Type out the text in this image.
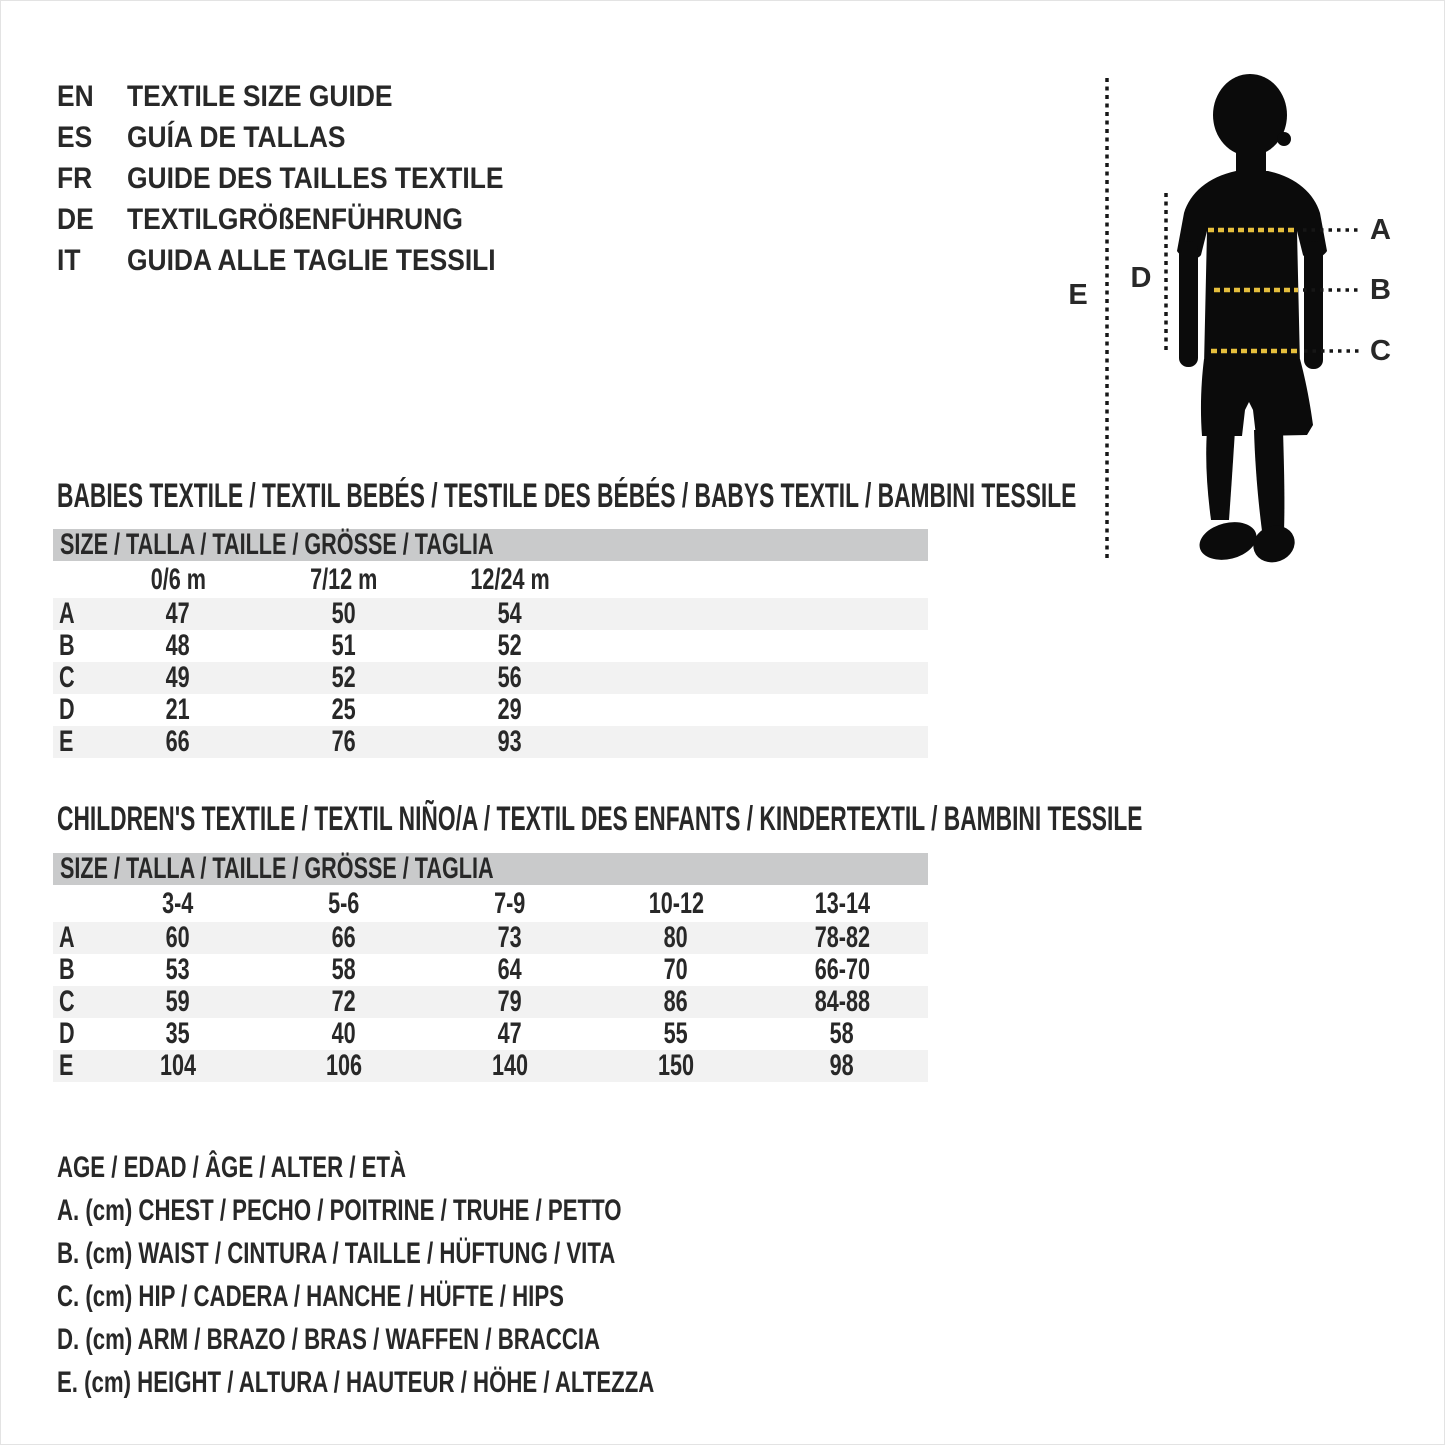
EN	TEXTILE SIZE GUIDE
ES	GUÍA DE TALLAS
FR	GUIDE DES TAILLES TEXTILE
DE	TEXTILGRÖßENFÜHRUNG
IT	GUIDA ALLE TAGLIE TESSILI
A
B
C
D
E
BABIES TEXTILE / TEXTIL BEBÉS / TESTILE DES BÉBÉS / BABYS TEXTIL / BAMBINI TESSILE
SIZE / TALLA / TAILLE / GRÖSSE / TAGLIA
0/6 m	7/12 m	12/24 m
A	47	50	54
B	48	51	52
C	49	52	56
D	21	25	29
E	66	76	93
CHILDREN'S TEXTILE / TEXTIL NIÑO/A / TEXTIL DES ENFANTS / KINDERTEXTIL / BAMBINI TESSILE
SIZE / TALLA / TAILLE / GRÖSSE / TAGLIA
3-4	5-6	7-9	10-12	13-14
A	60	66	73	80	78-82
B	53	58	64	70	66-70
C	59	72	79	86	84-88
D	35	40	47	55	58
E	104	106	140	150	98
AGE / EDAD / ÂGE / ALTER / ETÀ
A. (cm) CHEST / PECHO / POITRINE / TRUHE / PETTO
B. (cm) WAIST / CINTURA / TAILLE / HÜFTUNG / VITA
C. (cm) HIP / CADERA / HANCHE / HÜFTE / HIPS
D. (cm) ARM / BRAZO / BRAS / WAFFEN / BRACCIA
E. (cm) HEIGHT / ALTURA / HAUTEUR / HÖHE / ALTEZZA
